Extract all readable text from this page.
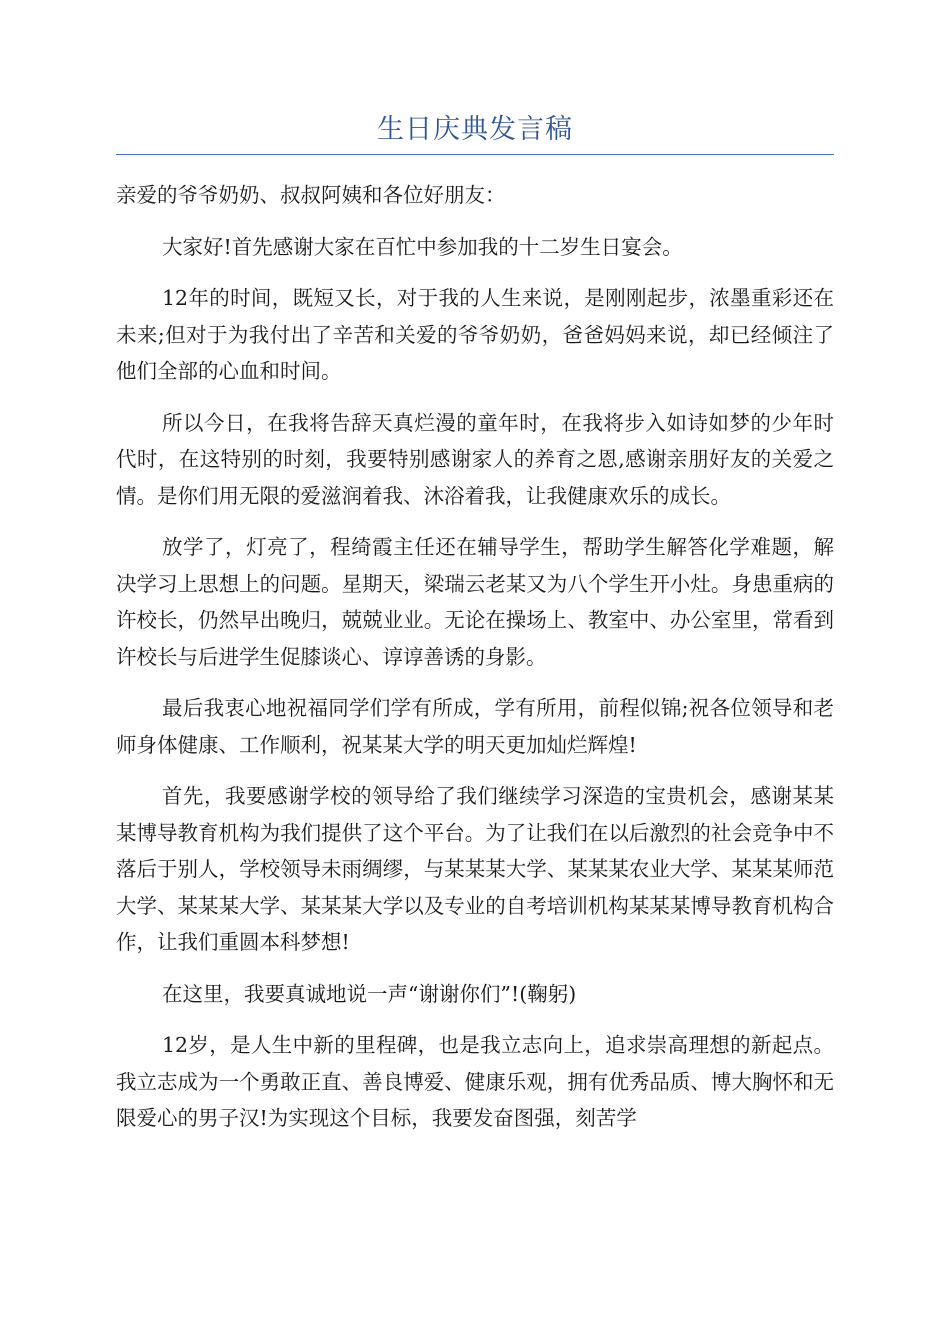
生日庆典发言稿

亲爱的爷爷奶奶、叔叔阿姨和各位好朋友：

大家好!首先感谢大家在百忙中参加我的十二岁生日宴会。

12年的时间，既短又长，对于我的人生来说，是刚刚起步，浓墨重彩还在未来;但对于为我付出了辛苦和关爱的爷爷奶奶，爸爸妈妈来说，却已经倾注了他们全部的心血和时间。

所以今日，在我将告辞天真烂漫的童年时，在我将步入如诗如梦的少年时代时，在这特别的时刻，我要特别感谢家人的养育之恩,感谢亲朋好友的关爱之情。是你们用无限的爱滋润着我、沐浴着我，让我健康欢乐的成长。

放学了，灯亮了，程绮霞主任还在辅导学生，帮助学生解答化学难题，解决学习上思想上的问题。星期天，梁瑞云老某又为八个学生开小灶。身患重病的许校长，仍然早出晚归，兢兢业业。无论在操场上、教室中、办公室里，常看到许校长与后进学生促膝谈心、谆谆善诱的身影。

最后我衷心地祝福同学们学有所成，学有所用，前程似锦;祝各位领导和老师身体健康、工作顺利，祝某某大学的明天更加灿烂辉煌!

首先，我要感谢学校的领导给了我们继续学习深造的宝贵机会，感谢某某某博导教育机构为我们提供了这个平台。为了让我们在以后激烈的社会竞争中不落后于别人，学校领导未雨绸缪，与某某某大学、某某某农业大学、某某某师范大学、某某某大学、某某某大学以及专业的自考培训机构某某某博导教育机构合作，让我们重圆本科梦想!

在这里，我要真诚地说一声“谢谢你们”!(鞠躬)

12岁，是人生中新的里程碑，也是我立志向上，追求崇高理想的新起点。我立志成为一个勇敢正直、善良博爱、健康乐观，拥有优秀品质、博大胸怀和无限爱心的男子汉!为实现这个目标，我要发奋图强，刻苦学
